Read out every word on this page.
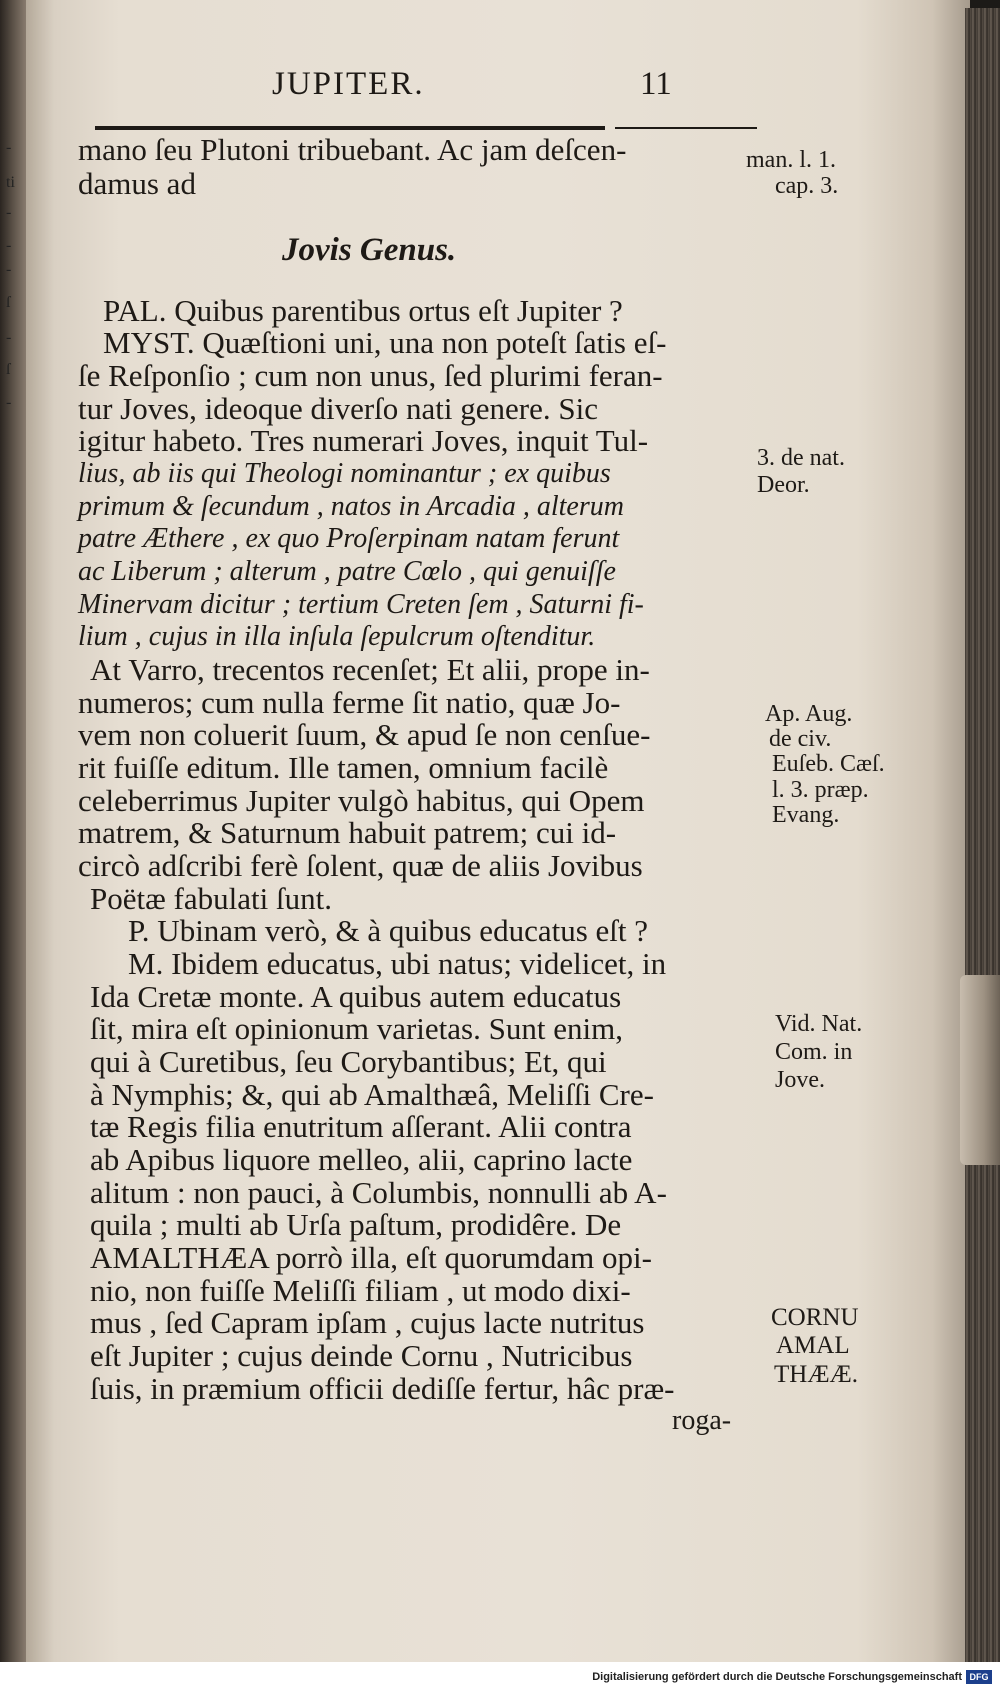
-
ti
-
-
-
ſ
-
ſ
-
JUPITER.	11
mano ſeu Plutoni tribuebant. Ac jam deſcen-
damus ad
Jovis Genus.
PAL. Quibus parentibus ortus eſt Jupiter ?
MYST. Quæſtioni uni, una non poteſt ſatis eſ-
ſe Reſponſio ; cum non unus, ſed plurimi feran-
tur Joves, ideoque diverſo nati genere. Sic
igitur habeto. Tres numerari Joves, inquit Tul-
lius, ab iis qui Theologi nominantur ; ex quibus
primum & ſecundum , natos in Arcadia , alterum
patre Æthere , ex quo Proſerpinam natam ferunt
ac Liberum ; alterum , patre Cœlo , qui genuiſſe
Minervam dicitur ; tertium Creten ſem , Saturni fi-
lium , cujus in illa inſula ſepulcrum oſtenditur.
At Varro, trecentos recenſet; Et alii, prope in-
numeros; cum nulla ferme ſit natio, quæ Jo-
vem non coluerit ſuum, & apud ſe non cenſue-
rit fuiſſe editum. Ille tamen, omnium facilè
celeberrimus Jupiter vulgò habitus, qui Opem
matrem, & Saturnum habuit patrem; cui id-
circò adſcribi ferè ſolent, quæ de aliis Jovibus
Poëtæ fabulati ſunt.
P. Ubinam verò, & à quibus educatus eſt ?
M. Ibidem educatus, ubi natus; videlicet, in
Ida Cretæ monte. A quibus autem educatus
ſit, mira eſt opinionum varietas. Sunt enim,
qui à Curetibus, ſeu Corybantibus; Et, qui
à Nymphis; &, qui ab Amalthæâ, Meliſſi Cre-
tæ Regis filia enutritum aſſerant. Alii contra
ab Apibus liquore melleo, alii, caprino lacte
alitum : non pauci, à Columbis, nonnulli ab A-
quila ; multi ab Urſa paſtum, prodidêre. De
AMALTHÆA porrò illa, eſt quorumdam opi-
nio, non fuiſſe Meliſſi filiam , ut modo dixi-
mus , ſed Capram ipſam , cujus lacte nutritus
eſt Jupiter ; cujus deinde Cornu , Nutricibus
ſuis, in præmium officii dediſſe fertur, hâc præ-
roga-
man. l. 1.
cap. 3.
3. de nat.
Deor.
Ap. Aug.
de civ.
Euſeb. Cæſ.
l. 3. præp.
Evang.
Vid. Nat.
Com. in
Jove.
CORNU
AMAL
THÆÆ.
Digitalisierung gefördert durch die Deutsche Forschungsgemeinschaft DFG
